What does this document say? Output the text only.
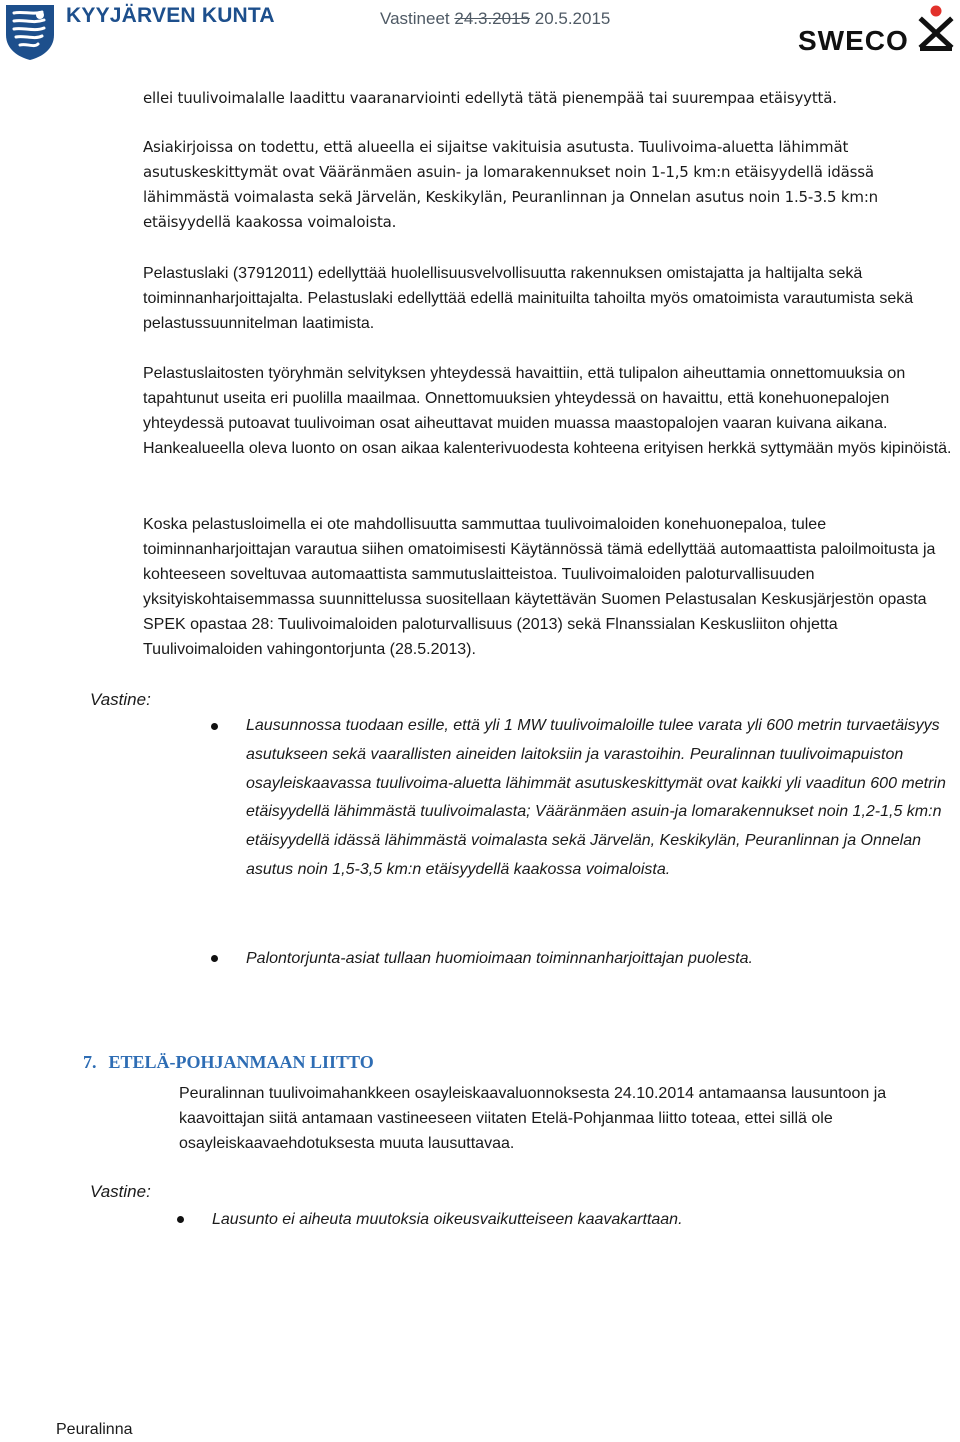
KYYJÄRVEN KUNTA	Vastineet 24.3.2015 20.5.2015
SWECO
ellei tuulivoimalalle laadittu vaaranarviointi edellytä tätä pienempää tai suurempaa etäisyyttä.
Asiakirjoissa on todettu, että alueella ei sijaitse vakituisia asutusta. Tuulivoima-aluetta lähimmät asutuskeskittymät ovat Vääränmäen asuin- ja lomarakennukset noin 1-1,5 km:n etäisyydellä idässä lähimmästä voimalasta sekä Järvelän, Keskikylän, Peuranlinnan ja Onnelan asutus noin 1.5-3.5 km:n etäisyydellä kaakossa voimaloista.
Pelastuslaki (37912011) edellyttää huolellisuusvelvollisuutta rakennuksen omistajatta ja haltijalta sekä toiminnanharjoittajalta. Pelastuslaki edellyttää edellä mainituilta tahoilta myös omatoimista varautumista sekä pelastussuunnitelman laatimista.
Pelastuslaitosten työryhmän selvityksen yhteydessä havaittiin, että tulipalon aiheuttamia onnettomuuksia on tapahtunut useita eri puolilla maailmaa. Onnettomuuksien yhteydessä on havaittu, että konehuonepalojen yhteydessä putoavat tuulivoiman osat aiheuttavat muiden muassa maastopalojen vaaran kuivana aikana. Hankealueella oleva luonto on osan aikaa kalenterivuodesta kohteena erityisen herkkä syttymään myös kipinöistä.
Koska pelastusloimella ei ote mahdollisuutta sammuttaa tuulivoimaloiden konehuonepaloa, tulee toiminnanharjoittajan varautua siihen omatoimisesti Käytännössä tämä edellyttää automaattista paloilmoitusta ja kohteeseen soveltuvaa automaattista sammutuslaitteistoa. Tuulivoimaloiden paloturvallisuuden yksityiskohtaisemmassa suunnittelussa suositellaan käytettävän Suomen Pelastusalan Keskusjärjestön opasta SPEK opastaa 28: Tuulivoimaloiden paloturvallisuus (2013) sekä Flnanssialan Keskusliiton ohjetta Tuulivoimaloiden vahingontorjunta (28.5.2013).
Vastine:
Lausunnossa tuodaan esille, että yli 1 MW tuulivoimaloille tulee varata yli 600 metrin turvaetäisyys asutukseen sekä vaarallisten aineiden laitoksiin ja varastoihin. Peuralinnan tuulivoimapuiston osayleiskaavassa tuulivoima-aluetta lähimmät asutuskeskittymät ovat kaikki yli vaaditun 600 metrin etäisyydellä lähimmästä tuulivoimalasta; Vääränmäen asuin-ja lomarakennukset noin 1,2-1,5 km:n etäisyydellä idässä lähimmästä voimalasta sekä Järvelän, Keskikylän, Peuranlinnan ja Onnelan asutus noin 1,5-3,5 km:n etäisyydellä kaakossa voimaloista.
Palontorjunta-asiat tullaan huomioimaan toiminnanharjoittajan puolesta.
7. ETELÄ-POHJANMAAN LIITTO
Peuralinnan tuulivoimahankkeen osayleiskaavaluonnoksesta 24.10.2014 antamaansa lausuntoon ja kaavoittajan siitä antamaan vastineeseen viitaten Etelä-Pohjanmaa liitto toteaa, ettei sillä ole osayleiskaavaehdotuksesta muuta lausuttavaa.
Vastine:
Lausunto ei aiheuta muutoksia oikeusvaikutteiseen kaavakarttaan.
Peuralinna
